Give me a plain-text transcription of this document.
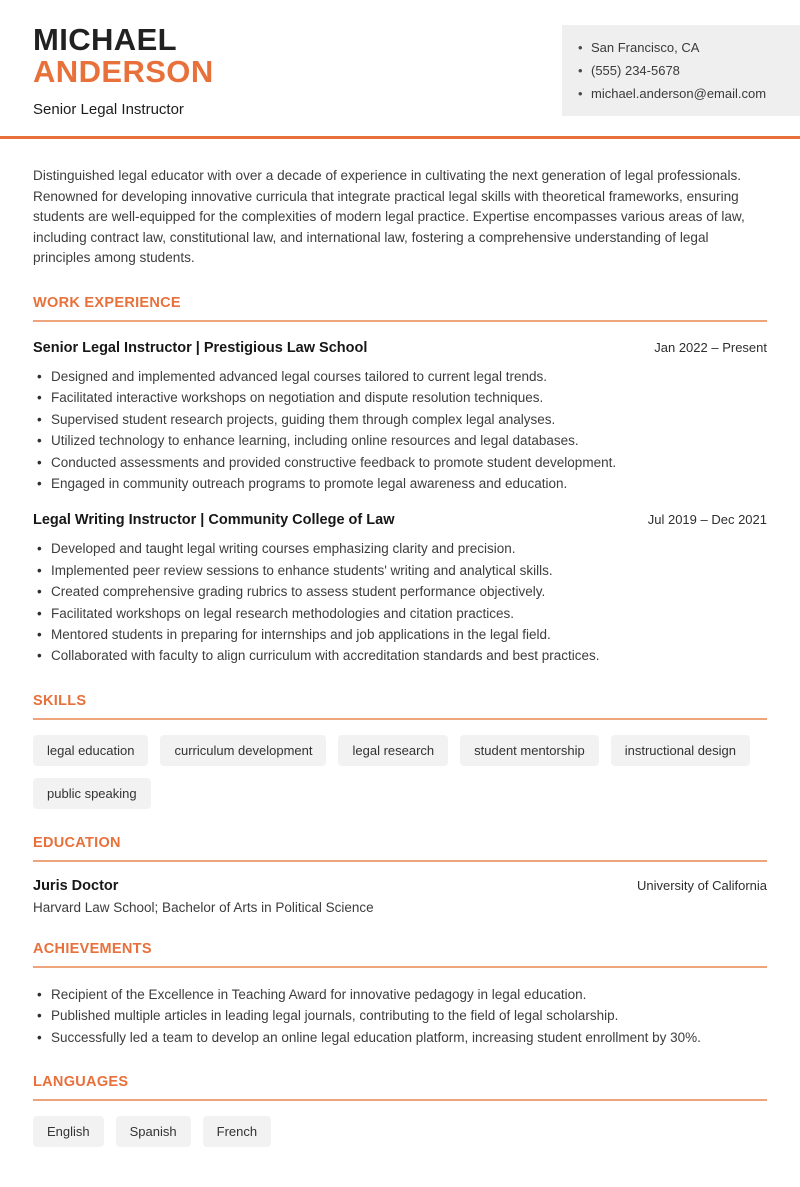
MICHAEL
ANDERSON
Senior Legal Instructor
• San Francisco, CA
• (555) 234-5678
• michael.anderson@email.com

Distinguished legal educator with over a decade of experience in cultivating the next generation of legal professionals. Renowned for developing innovative curricula that integrate practical legal skills with theoretical frameworks, ensuring students are well-equipped for the complexities of modern legal practice. Expertise encompasses various areas of law, including contract law, constitutional law, and international law, fostering a comprehensive understanding of legal principles among students.

WORK EXPERIENCE
Senior Legal Instructor | Prestigious Law School	Jan 2022 – Present
• Designed and implemented advanced legal courses tailored to current legal trends.
• Facilitated interactive workshops on negotiation and dispute resolution techniques.
• Supervised student research projects, guiding them through complex legal analyses.
• Utilized technology to enhance learning, including online resources and legal databases.
• Conducted assessments and provided constructive feedback to promote student development.
• Engaged in community outreach programs to promote legal awareness and education.
Legal Writing Instructor | Community College of Law	Jul 2019 – Dec 2021
• Developed and taught legal writing courses emphasizing clarity and precision.
• Implemented peer review sessions to enhance students' writing and analytical skills.
• Created comprehensive grading rubrics to assess student performance objectively.
• Facilitated workshops on legal research methodologies and citation practices.
• Mentored students in preparing for internships and job applications in the legal field.
• Collaborated with faculty to align curriculum with accreditation standards and best practices.
SKILLS
legal education	curriculum development	legal research	student mentorship	instructional design
public speaking
EDUCATION
Juris Doctor	University of California
Harvard Law School; Bachelor of Arts in Political Science
ACHIEVEMENTS
• Recipient of the Excellence in Teaching Award for innovative pedagogy in legal education.
• Published multiple articles in leading legal journals, contributing to the field of legal scholarship.
• Successfully led a team to develop an online legal education platform, increasing student enrollment by 30%.
LANGUAGES
English	Spanish	French
